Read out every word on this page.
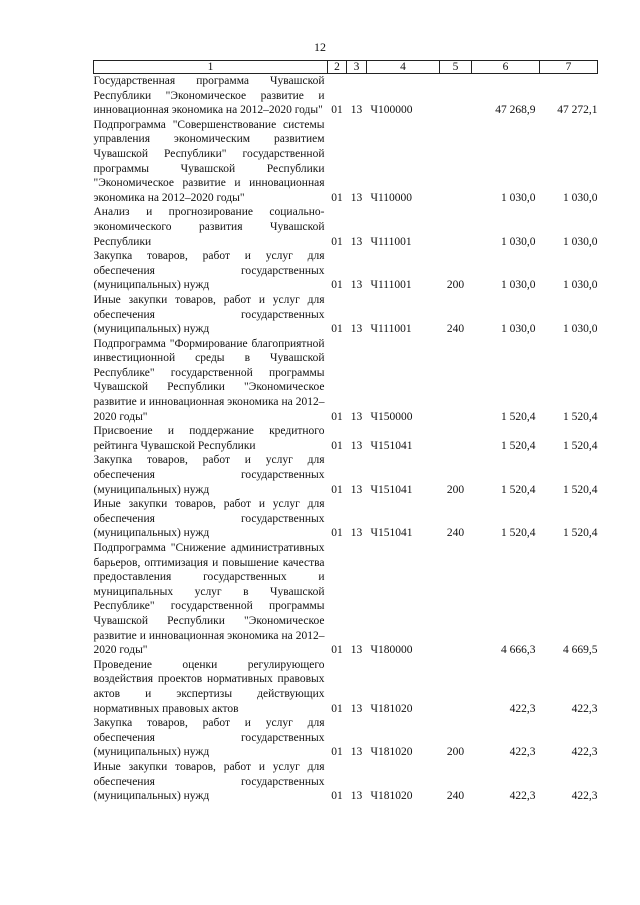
12
1	2	3	4	5	6	7
Государственная программа Чувашской Республики "Экономическое развитие и инновационная экономика на 2012–2020 годы"	01	13	Ч100000		47 268,9	47 272,1
Подпрограмма "Совершенствование системы управления экономическим развитием Чувашской Республики" государственной программы Чувашской Республики "Экономическое развитие и инновационная экономика на 2012–2020 годы"	01	13	Ч110000		1 030,0	1 030,0
Анализ и прогнозирование социально-экономического развития Чувашской Республики	01	13	Ч111001		1 030,0	1 030,0
Закупка товаров, работ и услуг для обеспечения государственных (муниципальных) нужд	01	13	Ч111001	200	1 030,0	1 030,0
Иные закупки товаров, работ и услуг для обеспечения государственных (муниципальных) нужд	01	13	Ч111001	240	1 030,0	1 030,0
Подпрограмма "Формирование благоприятной инвестиционной среды в Чувашской Республике" государственной программы Чувашской Республики "Экономическое развитие и инновационная экономика на 2012–2020 годы"	01	13	Ч150000		1 520,4	1 520,4
Присвоение и поддержание кредитного рейтинга Чувашской Республики	01	13	Ч151041		1 520,4	1 520,4
Закупка товаров, работ и услуг для обеспечения государственных (муниципальных) нужд	01	13	Ч151041	200	1 520,4	1 520,4
Иные закупки товаров, работ и услуг для обеспечения государственных (муниципальных) нужд	01	13	Ч151041	240	1 520,4	1 520,4
Подпрограмма "Снижение административных барьеров, оптимизация и повышение качества предоставления государственных и муниципальных услуг в Чувашской Республике" государственной программы Чувашской Республики "Экономическое развитие и инновационная экономика на 2012–2020 годы"	01	13	Ч180000		4 666,3	4 669,5
Проведение оценки регулирующего воздействия проектов нормативных правовых актов и экспертизы действующих нормативных правовых актов	01	13	Ч181020		422,3	422,3
Закупка товаров, работ и услуг для обеспечения государственных (муниципальных) нужд	01	13	Ч181020	200	422,3	422,3
Иные закупки товаров, работ и услуг для обеспечения государственных (муниципальных) нужд	01	13	Ч181020	240	422,3	422,3
